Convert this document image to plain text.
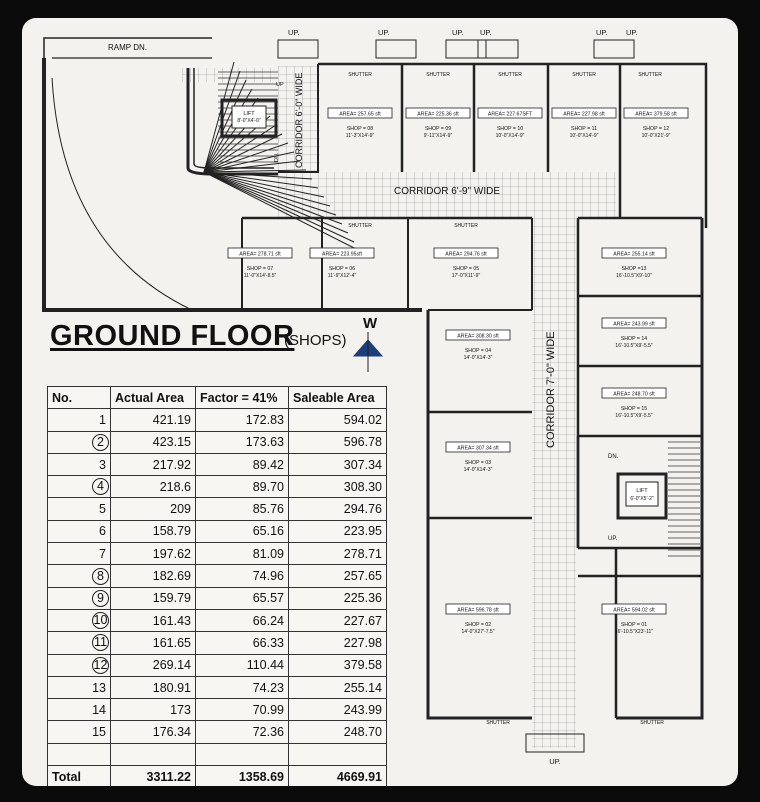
LIFT
8'-0"X4'-0"
LIFT
6'-0"X5'-2"
RAMP DN.
UP.	UP.	UP. UP.	UP. UP.
UP
DN.
DN.
UP.
CORRIDOR 6'-0" WIDE
CORRIDOR 6'-9" WIDE
CORRIDOR 7'-0" WIDE
UP.
SHUTTER	SHUTTER	SHUTTER	SHUTTER	SHUTTER
SHUTTER	SHUTTER
SHUTTER	SHUTTER
AREA= 257.65 sft
SHOP = 08
11'-3"X14'-9"
AREA= 225.36 sft
SHOP = 09
9'-11"X14'-9"
AREA= 227.67SFT
SHOP = 10
10'-0"X14'-9"
AREA= 227.98 sft
SHOP = 11
10'-0"X14'-9"
AREA= 379.58 sft
SHOP = 12
10'-0"X21'-9"
AREA= 278.71 sft
SHOP = 07
11'-0"X14'-8.5"
AREA= 223.95sft
SHOP = 06
11'-9"X12'-4"
AREA= 294.76 sft
SHOP = 05
17'-0"X11'-9"
AREA= 255.14 sft
SHOP =13
16'-10.5"X9'-10"
AREA= 243.99 sft
SHOP = 14
16'-10.5"X9'-5.5"
AREA= 248.70 sft
SHOP = 15
16'-10.5"X9'-5.5"
AREA= 308.30 sft
SHOP = 04
14'-0"X14'-3"
AREA= 307.34 sft
SHOP = 03
14'-0"X14'-3"
AREA= 596.78 sft
SHOP = 02
14'-0"X27'-7.5"
AREA= 594.02 sft
SHOP = 01
16'-10.5"X23'-11"
GROUND FLOOR
(SHOPS)
W
No.	Actual Area	Factor = 41%	Saleable Area
1	421.19	172.83	594.02
2	423.15	173.63	596.78
3	217.92	89.42	307.34
4	218.6	89.70	308.30
5	209	85.76	294.76
6	158.79	65.16	223.95
7	197.62	81.09	278.71
8	182.69	74.96	257.65
9	159.79	65.57	225.36
10	161.43	66.24	227.67
11	161.65	66.33	227.98
12	269.14	110.44	379.58
13	180.91	74.23	255.14
14	173	70.99	243.99
15	176.34	72.36	248.70

Total	3311.22	1358.69	4669.91
